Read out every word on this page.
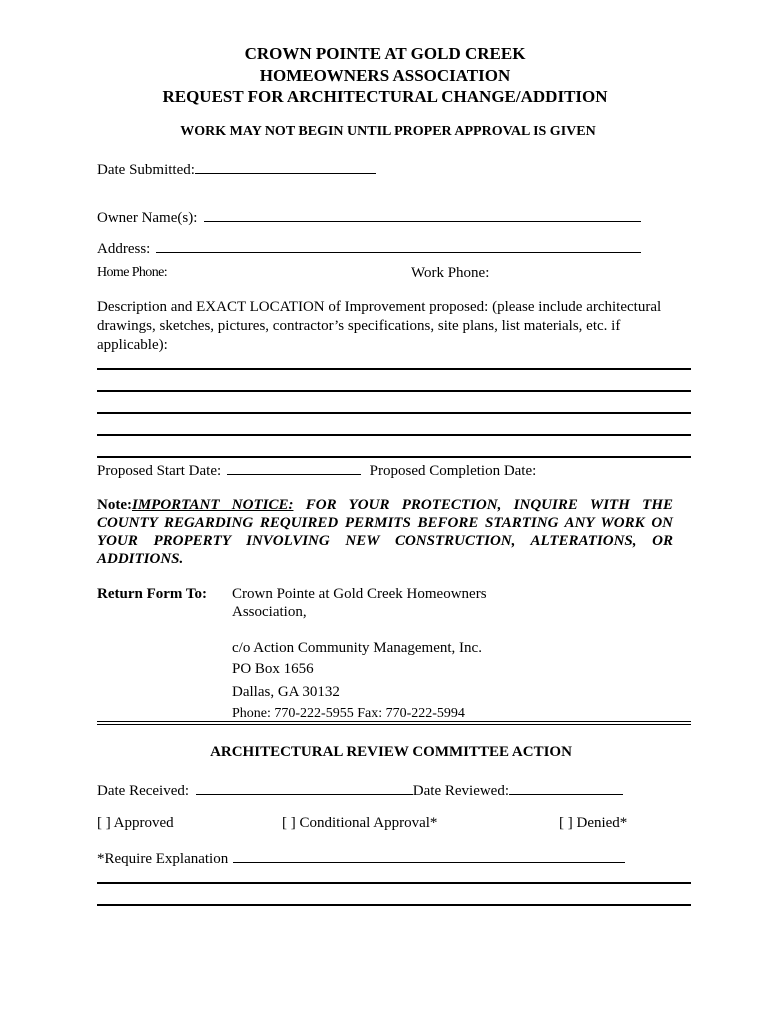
CROWN POINTE AT GOLD CREEK
HOMEOWNERS ASSOCIATION
REQUEST FOR ARCHITECTURAL CHANGE/ADDITION
WORK MAY NOT BEGIN UNTIL PROPER APPROVAL IS GIVEN
Date Submitted:
Owner Name(s):
Address:
Home Phone:	Work Phone:
Description and EXACT LOCATION of Improvement proposed: (please include architectural drawings, sketches, pictures, contractor’s specifications, site plans, list materials, etc. if applicable):
Proposed Start Date:	Proposed Completion Date:
Note:IMPORTANT NOTICE: FOR YOUR PROTECTION, INQUIRE WITH THE COUNTY REGARDING REQUIRED PERMITS BEFORE STARTING ANY WORK ON YOUR PROPERTY INVOLVING NEW CONSTRUCTION, ALTERATIONS, OR ADDITIONS.
Return Form To: Crown Pointe at Gold Creek Homeowners
Association,
c/o Action Community Management, Inc.
PO Box 1656
Dallas, GA 30132
Phone: 770-222-5955 Fax: 770-222-5994
ARCHITECTURAL REVIEW COMMITTEE ACTION
Date Received:	Date Reviewed:
[ ] Approved	[ ] Conditional Approval*	[ ] Denied*
*Require Explanation
